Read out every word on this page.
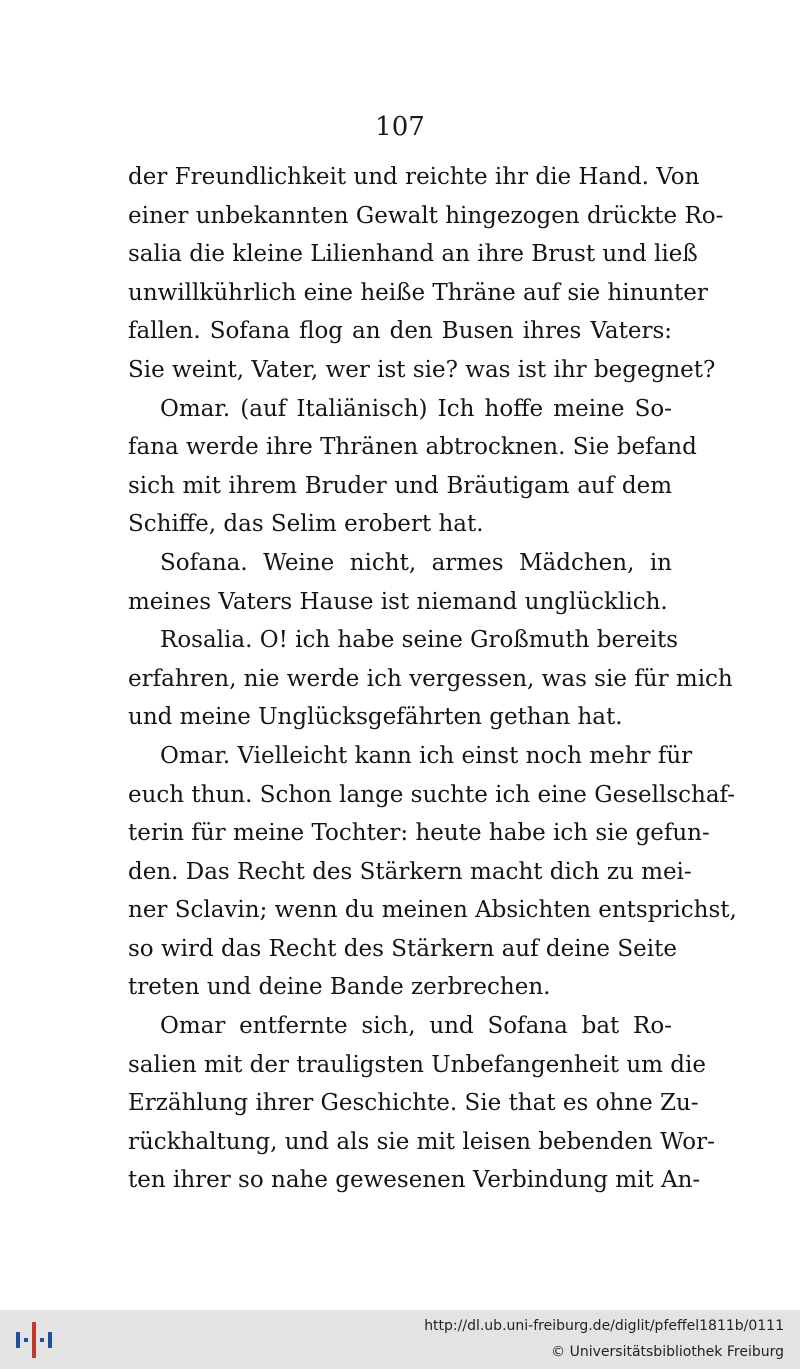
107
der Freundlichkeit und reichte ihr die Hand. Von
einer unbekannten Gewalt hingezogen drückte Ro-
salia die kleine Lilienhand an ihre Brust und ließ
unwillkührlich eine heiße Thräne auf sie hinunter
fallen. Sofana flog an den Busen ihres Vaters:
Sie weint, Vater, wer ist sie? was ist ihr begegnet?
Omar. (auf Italiänisch) Ich hoffe meine So-
fana werde ihre Thränen abtrocknen. Sie befand
sich mit ihrem Bruder und Bräutigam auf dem
Schiffe, das Selim erobert hat.
Sofana. Weine nicht, armes Mädchen, in
meines Vaters Hause ist niemand unglücklich.
Rosalia. O! ich habe seine Großmuth bereits
erfahren, nie werde ich vergessen, was sie für mich
und meine Unglücksgefährten gethan hat.
Omar. Vielleicht kann ich einst noch mehr für
euch thun. Schon lange suchte ich eine Gesellschaf-
terin für meine Tochter: heute habe ich sie gefun-
den. Das Recht des Stärkern macht dich zu mei-
ner Sclavin; wenn du meinen Absichten entsprichst,
so wird das Recht des Stärkern auf deine Seite
treten und deine Bande zerbrechen.
Omar entfernte sich, und Sofana bat Ro-
salien mit der trauligsten Unbefangenheit um die
Erzählung ihrer Geschichte. Sie that es ohne Zu-
rückhaltung, und als sie mit leisen bebenden Wor-
ten ihrer so nahe gewesenen Verbindung mit An-
http://dl.ub.uni-freiburg.de/diglit/pfeffel1811b/0111
© Universitätsbibliothek Freiburg
